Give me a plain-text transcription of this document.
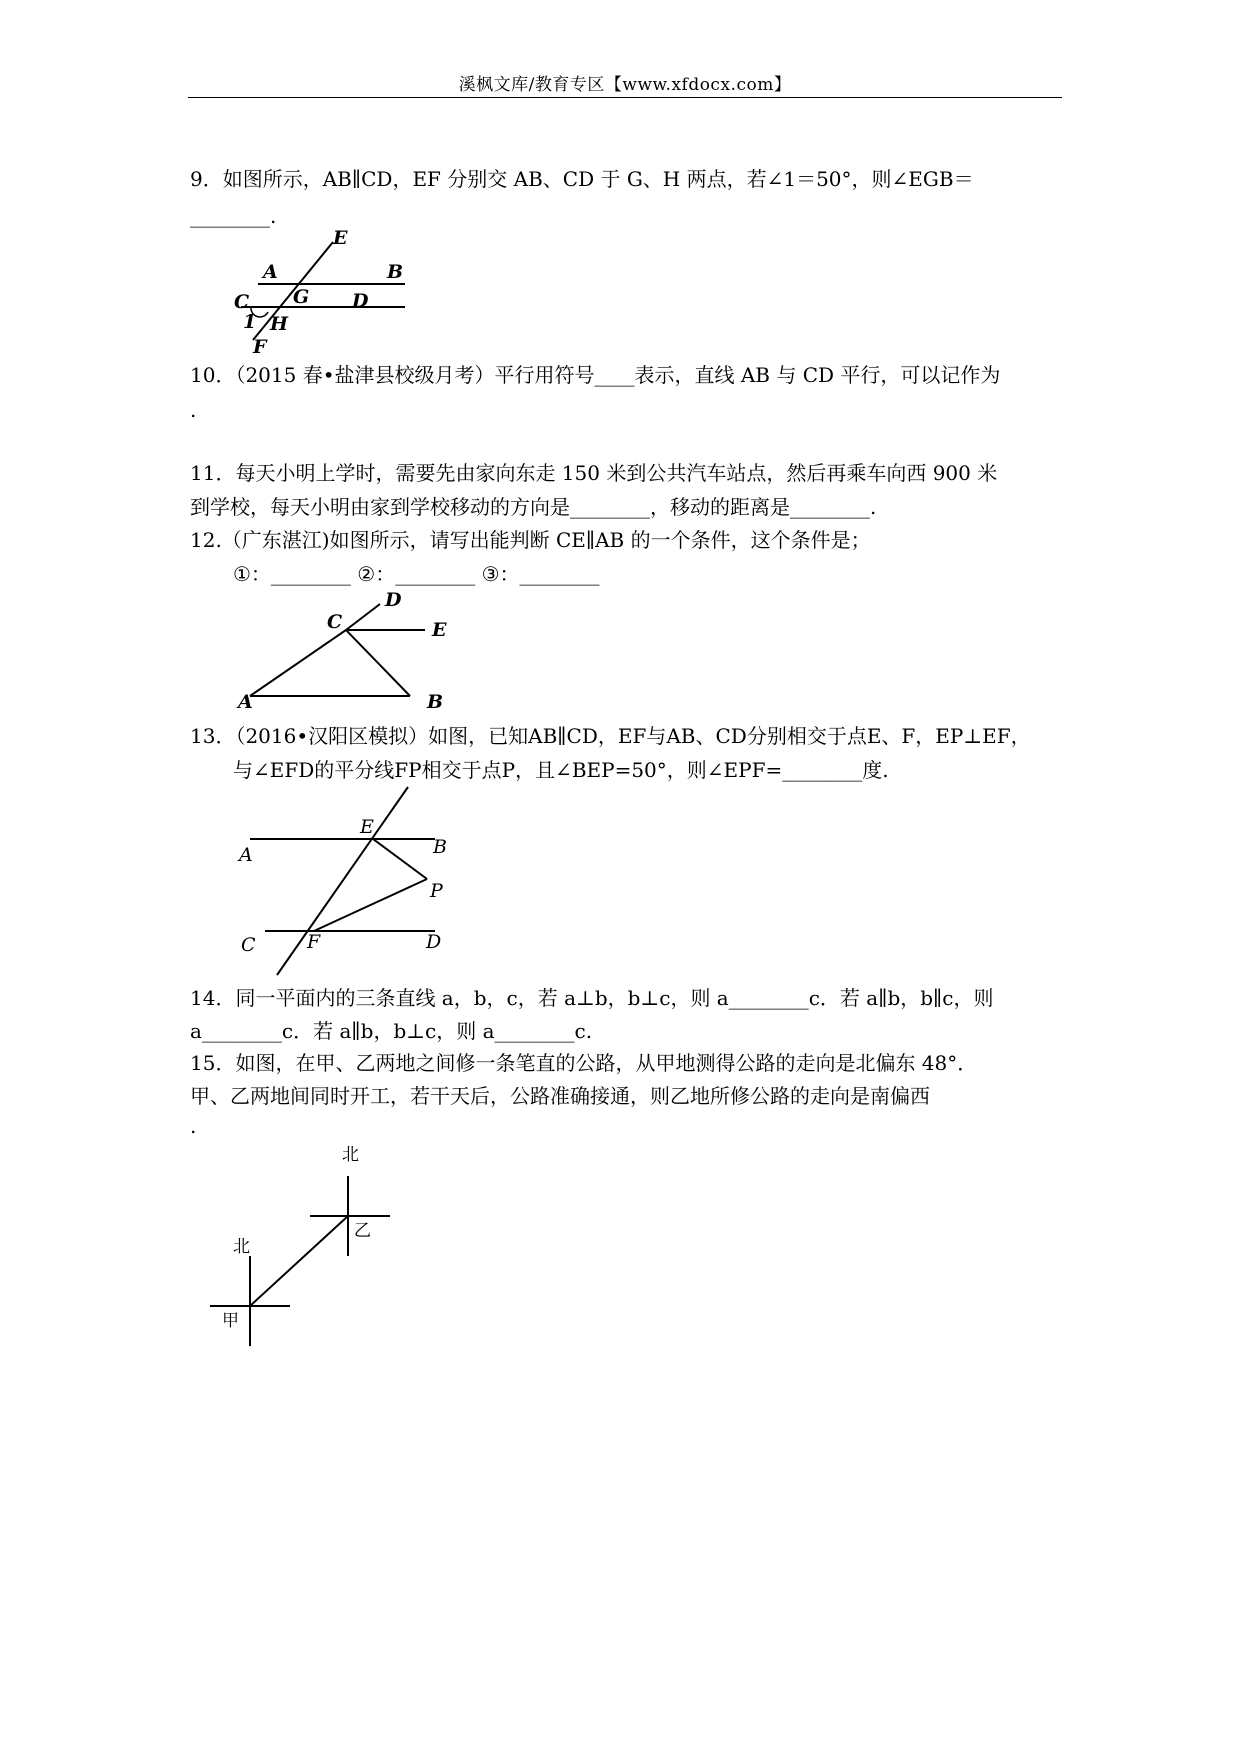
溪枫文库/教育专区【www.xfdocx.com】
9．如图所示，AB∥CD，EF 分别交 AB、CD 于 G、H 两点，若∠1＝50°，则∠EGB＝
________.
E
A	B
C G D
1 H
F
10．（2015 春•盐津县校级月考）平行用符号____表示，直线 AB 与 CD 平行，可以记作为
.
11．每天小明上学时，需要先由家向东走 150 米到公共汽车站点，然后再乘车向西 900 米
到学校，每天小明由家到学校移动的方向是________，移动的距离是________.
12.（广东湛江)如图所示，请写出能判断 CE∥AB 的一个条件，这个条件是；
①：________ ②：________ ③：________
D
C	E
A	B
13．（2016•汉阳区模拟）如图，已知AB∥CD，EF与AB、CD分别相交于点E、F，EP⊥EF，
与∠EFD的平分线FP相交于点P，且∠BEP=50°，则∠EPF=________度.
E
A	B
P
C	F	D
14．同一平面内的三条直线 a，b，c，若 a⊥b，b⊥c，则 a________c．若 a∥b，b∥c，则
a________c．若 a∥b，b⊥c，则 a________c.
15．如图，在甲、乙两地之间修一条笔直的公路，从甲地测得公路的走向是北偏东 48°．
甲、乙两地间同时开工，若干天后，公路准确接通，则乙地所修公路的走向是南偏西
.
北
乙
北
甲
